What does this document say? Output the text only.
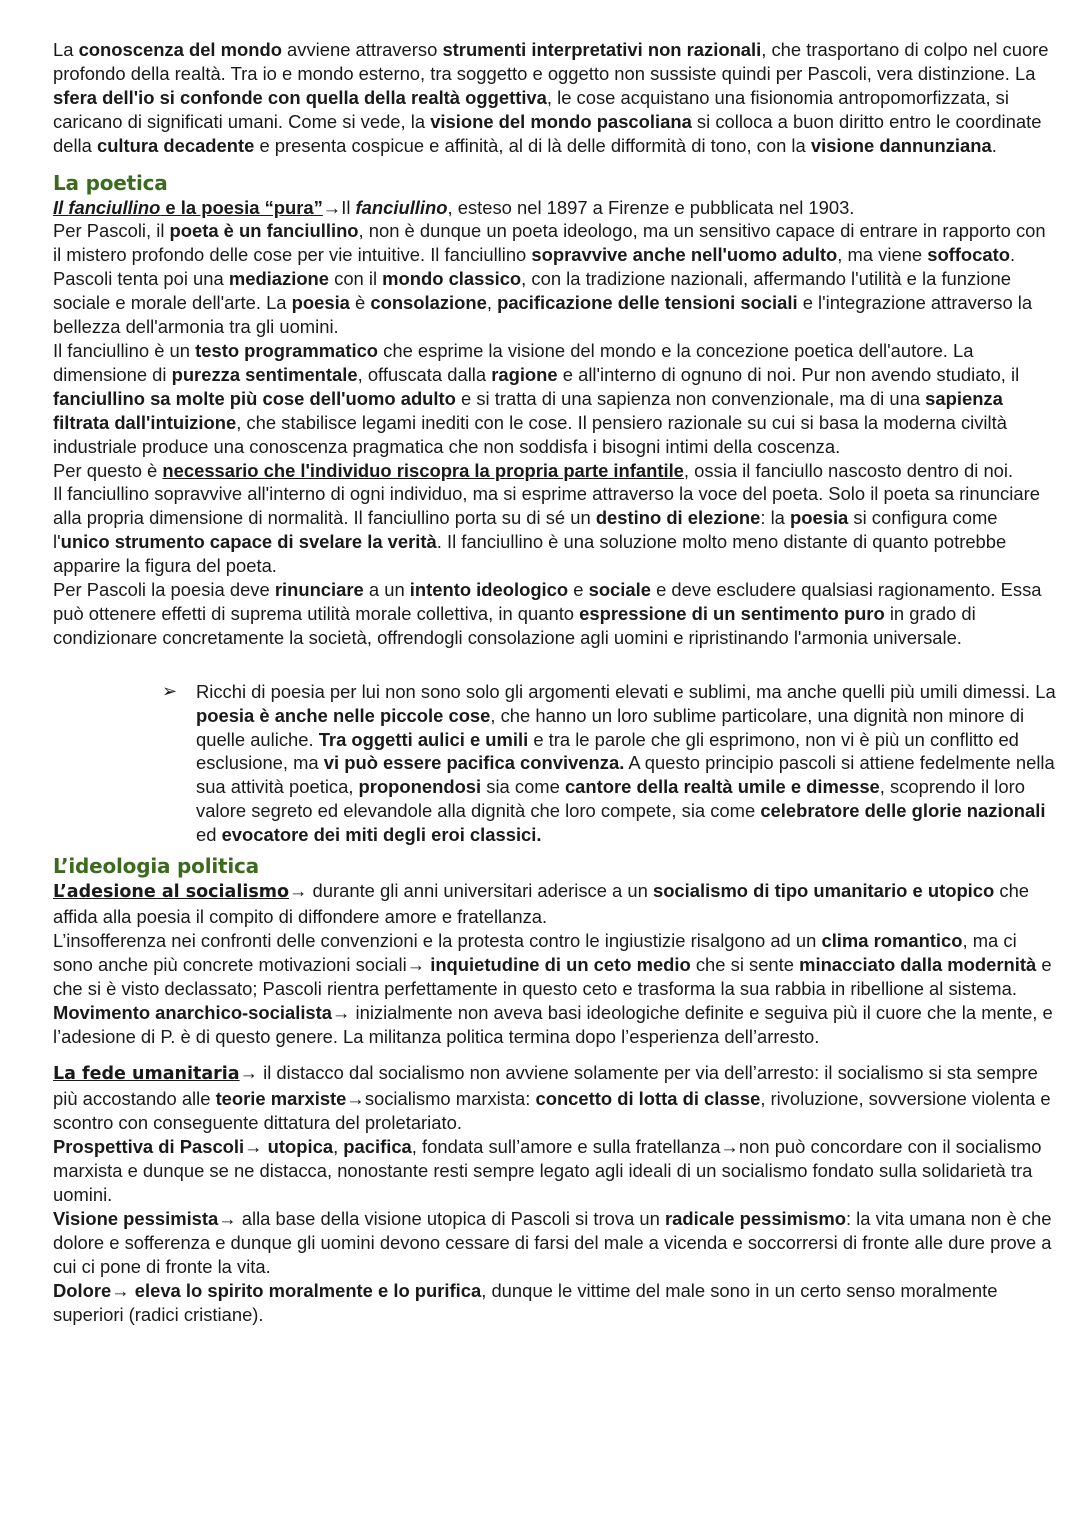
La conoscenza del mondo avviene attraverso strumenti interpretativi non razionali, che trasportano di colpo nel cuore profondo della realtà. Tra io e mondo esterno, tra soggetto e oggetto non sussiste quindi per Pascoli, vera distinzione. La sfera dell'io si confonde con quella della realtà oggettiva, le cose acquistano una fisionomia antropomorfizzata, si caricano di significati umani. Come si vede, la visione del mondo pascoliana si colloca a buon diritto entro le coordinate della cultura decadente e presenta cospicue e affinità, al di là delle difformità di tono, con la visione dannunziana.

La poetica

Il fanciullino e la poesia “pura”→Il fanciullino, esteso nel 1897 a Firenze e pubblicata nel 1903.

Per Pascoli, il poeta è un fanciullino, non è dunque un poeta ideologo, ma un sensitivo capace di entrare in rapporto con il mistero profondo delle cose per vie intuitive. Il fanciullino sopravvive anche nell'uomo adulto, ma viene soffocato. Pascoli tenta poi una mediazione con il mondo classico, con la tradizione nazionali, affermando l'utilità e la funzione sociale e morale dell'arte. La poesia è consolazione, pacificazione delle tensioni sociali e l'integrazione attraverso la bellezza dell'armonia tra gli uomini.

Il fanciullino è un testo programmatico che esprime la visione del mondo e la concezione poetica dell'autore. La dimensione di purezza sentimentale, offuscata dalla ragione e all'interno di ognuno di noi. Pur non avendo studiato, il fanciullino sa molte più cose dell'uomo adulto e si tratta di una sapienza non convenzionale, ma di una sapienza filtrata dall'intuizione, che stabilisce legami inediti con le cose. Il pensiero razionale su cui si basa la moderna civiltà industriale produce una conoscenza pragmatica che non soddisfa i bisogni intimi della coscenza.

Per questo è necessario che l'individuo riscopra la propria parte infantile, ossia il fanciullo nascosto dentro di noi.

Il fanciullino sopravvive all'interno di ogni individuo, ma si esprime attraverso la voce del poeta. Solo il poeta sa rinunciare alla propria dimensione di normalità. Il fanciullino porta su di sé un destino di elezione: la poesia si configura come l'unico strumento capace di svelare la verità. Il fanciullino è una soluzione molto meno distante di quanto potrebbe apparire la figura del poeta.

Per Pascoli la poesia deve rinunciare a un intento ideologico e sociale e deve escludere qualsiasi ragionamento. Essa può ottenere effetti di suprema utilità morale collettiva, in quanto espressione di un sentimento puro in grado di condizionare concretamente la società, offrendogli consolazione agli uomini e ripristinando l'armonia universale.

➢ Ricchi di poesia per lui non sono solo gli argomenti elevati e sublimi, ma anche quelli più umili dimessi. La poesia è anche nelle piccole cose, che hanno un loro sublime particolare, una dignità non minore di quelle auliche. Tra oggetti aulici e umili e tra le parole che gli esprimono, non vi è più un conflitto ed esclusione, ma vi può essere pacifica convivenza. A questo principio pascoli si attiene fedelmente nella sua attività poetica, proponendosi sia come cantore della realtà umile e dimesse, scoprendo il loro valore segreto ed elevandole alla dignità che loro compete, sia come celebratore delle glorie nazionali ed evocatore dei miti degli eroi classici.

L’ideologia politica

L’adesione al socialismo→ durante gli anni universitari aderisce a un socialismo di tipo umanitario e utopico che affida alla poesia il compito di diffondere amore e fratellanza.

L’insofferenza nei confronti delle convenzioni e la protesta contro le ingiustizie risalgono ad un clima romantico, ma ci sono anche più concrete motivazioni sociali→ inquietudine di un ceto medio che si sente minacciato dalla modernità e che si è visto declassato; Pascoli rientra perfettamente in questo ceto e trasforma la sua rabbia in ribellione al sistema.

Movimento anarchico-socialista→ inizialmente non aveva basi ideologiche definite e seguiva più il cuore che la mente, e l’adesione di P. è di questo genere. La militanza politica termina dopo l’esperienza dell’arresto.

La fede umanitaria→ il distacco dal socialismo non avviene solamente per via dell’arresto: il socialismo si sta sempre più accostando alle teorie marxiste→socialismo marxista: concetto di lotta di classe, rivoluzione, sovversione violenta e scontro con conseguente dittatura del proletariato.

Prospettiva di Pascoli→ utopica, pacifica, fondata sull’amore e sulla fratellanza→non può concordare con il socialismo marxista e dunque se ne distacca, nonostante resti sempre legato agli ideali di un socialismo fondato sulla solidarietà tra uomini.

Visione pessimista→ alla base della visione utopica di Pascoli si trova un radicale pessimismo: la vita umana non è che dolore e sofferenza e dunque gli uomini devono cessare di farsi del male a vicenda e soccorrersi di fronte alle dure prove a cui ci pone di fronte la vita.

Dolore→ eleva lo spirito moralmente e lo purifica, dunque le vittime del male sono in un certo senso moralmente superiori (radici cristiane).
